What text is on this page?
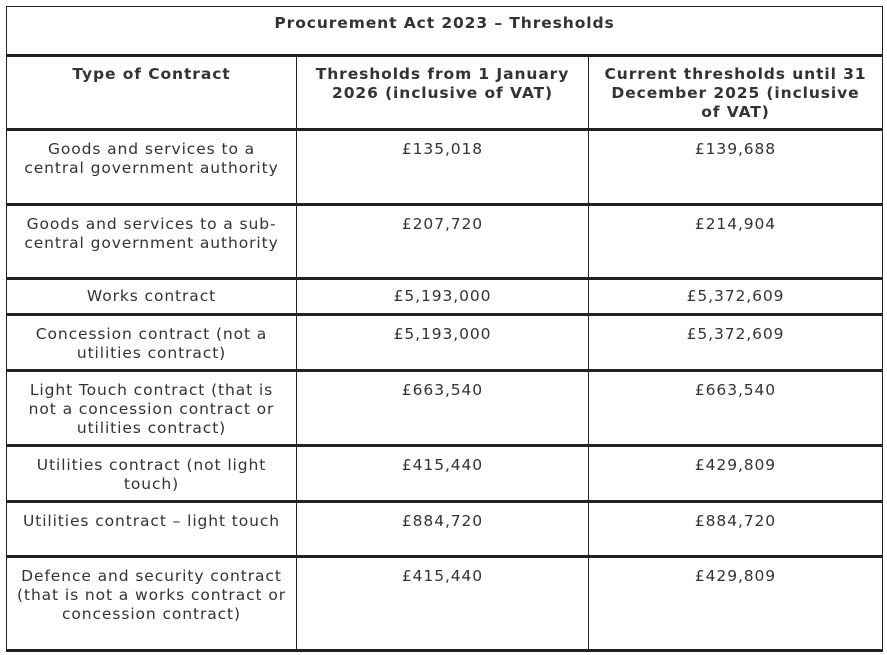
Procurement Act 2023 – Thresholds		
Type of Contract	Thresholds from 1 January 2026 (inclusive of VAT)	Current thresholds until 31 December 2025 (inclusive of VAT)
Goods and services to a central government authority	£135,018	£139,688
Goods and services to a sub-central government authority	£207,720	£214,904
Works contract	£5,193,000	£5,372,609
Concession contract (not a utilities contract)	£5,193,000	£5,372,609
Light Touch contract (that is not a concession contract or utilities contract)	£663,540	£663,540
Utilities contract (not light touch)	£415,440	£429,809
Utilities contract – light touch	£884,720	£884,720
Defence and security contract (that is not a works contract or concession contract)	£415,440	£429,809
